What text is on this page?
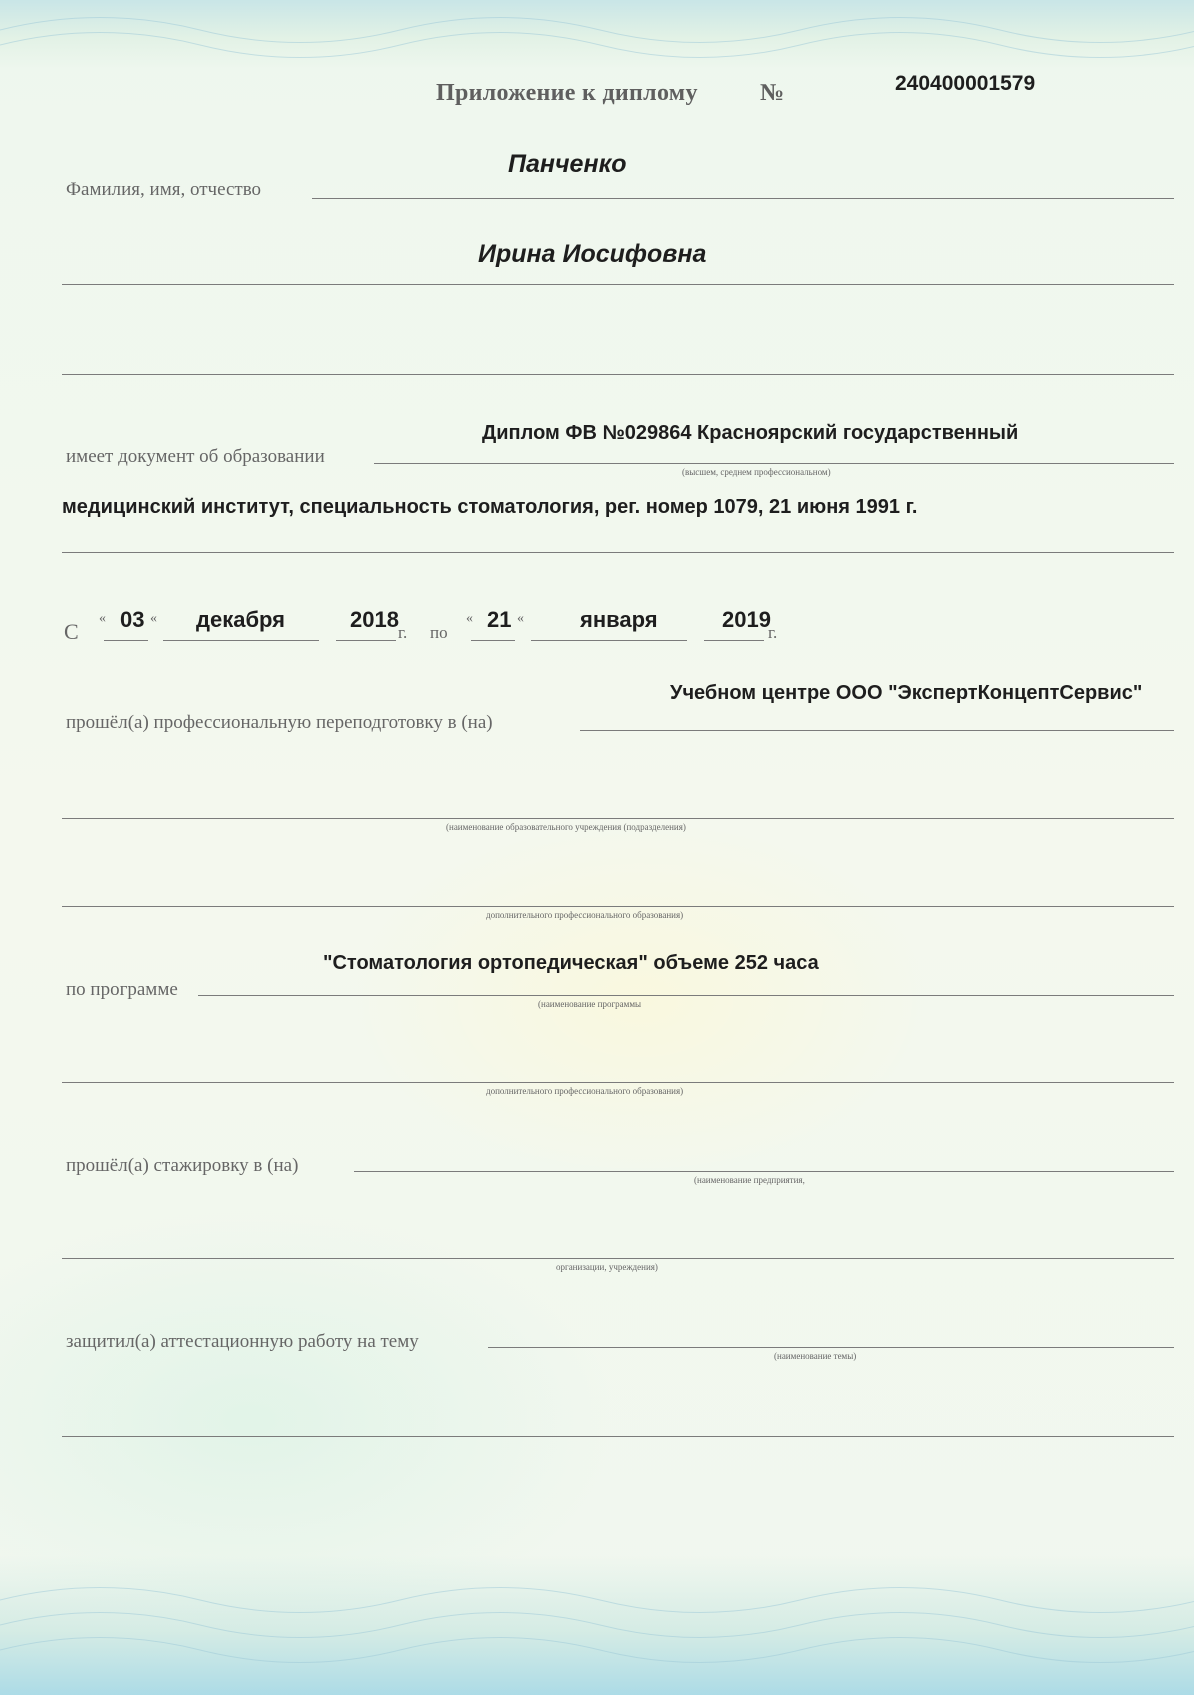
Приложение к диплому	№	240400001579
Панченко
Фамилия, имя, отчество
Ирина Иосифовна
Диплом ФВ №029864 Красноярский государственный
имеет документ об образовании
(высшем, среднем профессиональном)
медицинский институт, специальность стоматология, рег. номер 1079, 21 июня 1991 г.
С
« 03 « декабря	2018
г. по
« 21 «	января	2019
г.
Учебном центре ООО "ЭкспертКонцептСервис"
прошёл(а) профессиональную переподготовку в (на)
(наименование образовательного учреждения (подразделения)
дополнительного профессионального образования)
"Стоматология ортопедическая" объеме 252 часа
по программе
(наименование программы
дополнительного профессионального образования)
прошёл(а) стажировку в (на)
(наименование предприятия,
организации, учреждения)
защитил(а) аттестационную работу на тему
(наименование темы)
